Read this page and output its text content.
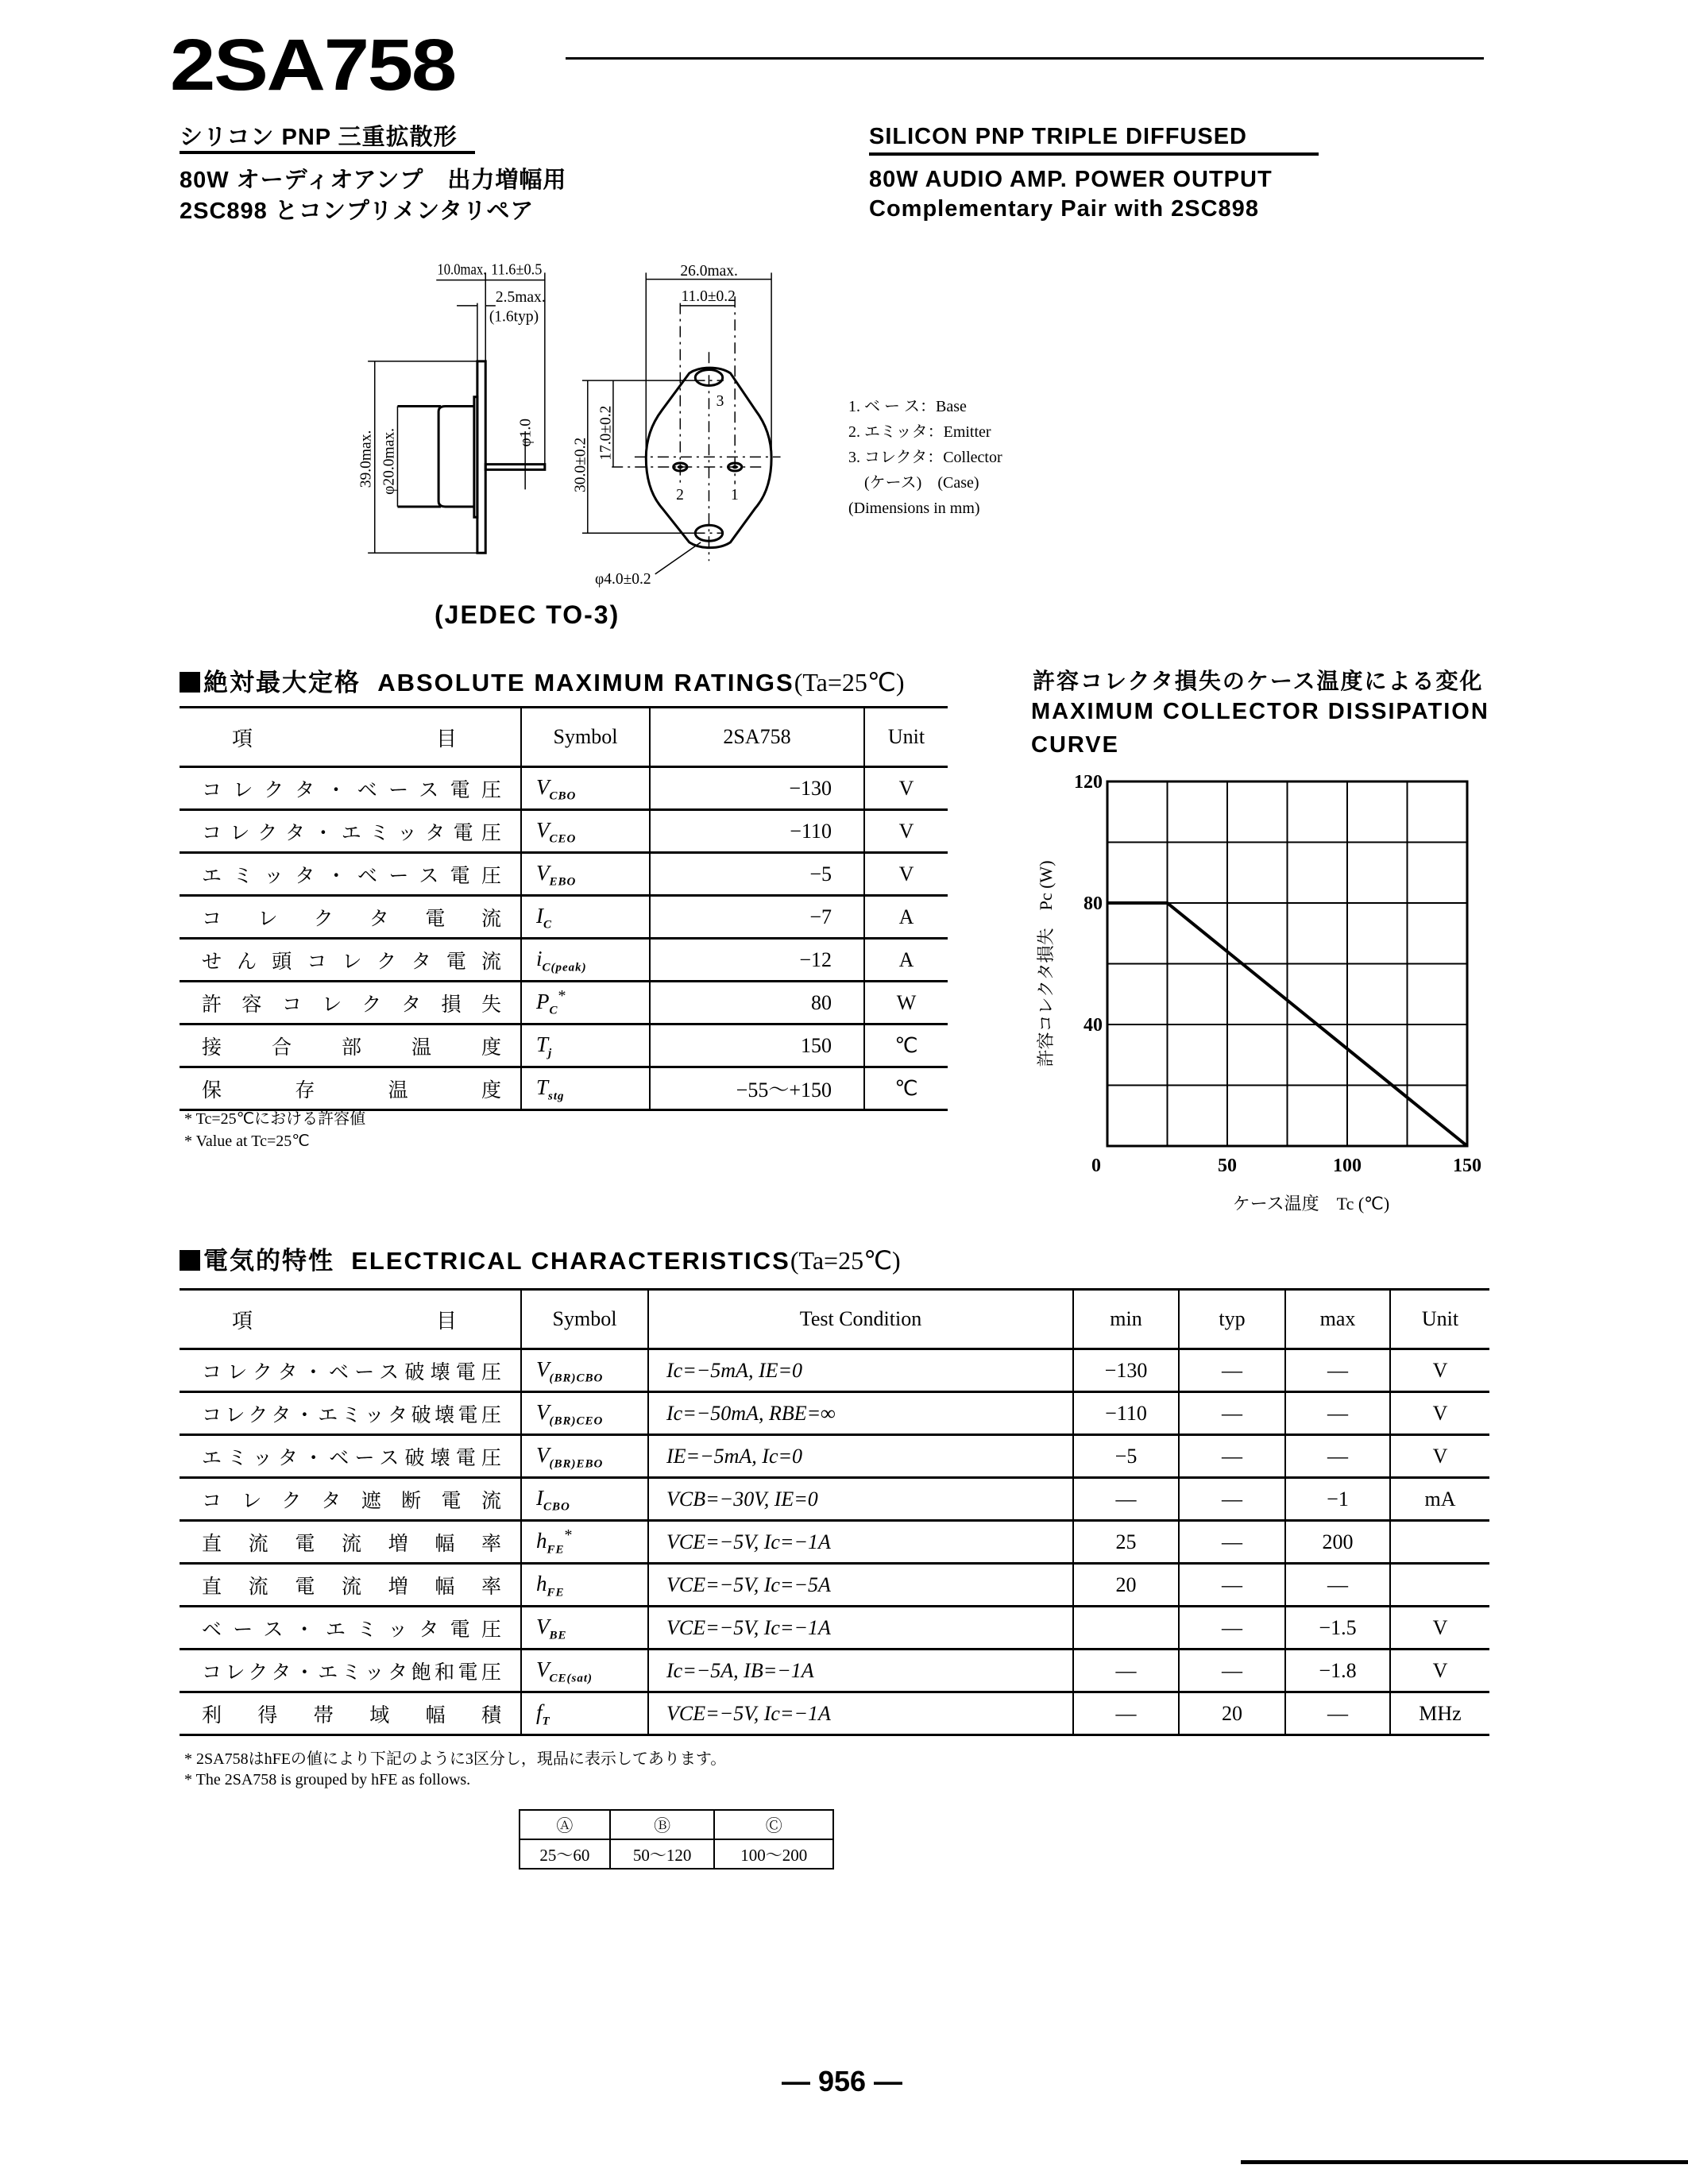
2SA758
シリコン PNP 三重拡散形
80W オーディオアンプ　出力増幅用
2SC898 とコンプリメンタリペア
SILICON PNP TRIPLE DIFFUSED
80W AUDIO AMP. POWER OUTPUT
Complementary Pair with 2SC898
10.0max. 11.6±0.5
2.5max.
(1.6typ)
39.0max. φ20.0max.	φ1.0
26.0max.
11.0±0.2
30.0±0.2
17.0±0.2
φ4.0±0.2
1
2
3	1. ベ ー ス：Base
2. エミッタ：Emitter
3. コレクタ：Collector
　(ケース)　(Case)
(Dimensions in mm)
(JEDEC TO-3)
絶対最大定格 ABSOLUTE MAXIMUM RATINGS(Ta=25℃)
項 目	Symbol	2SA758	Unit
コレクタ・ベース電圧	$V_{CBO}$	−130	V
コレクタ・エミッタ電圧	$V_{CEO}$	−110	V
エミッタ・ベース電圧	$V_{EBO}$	−5	V
コレクタ電流	$I_C$	−7	A
せん頭コレクタ電流	$i_{C(peak)}$	−12	A
許容コレクタ損失	$P_C^*$	80	W
接合部温度	$T_j$	150	℃
保存温度	$T_{stg}$	−55〜+150	℃
* Tc=25℃における許容値
* Value at Tc=25℃
許容コレクタ損失のケース温度による変化
MAXIMUM COLLECTOR DISSIPATION
CURVE
0	50	100	150
40
80
120
ケース温度　Tc (℃)
許容コレクタ損失　Pc (W)
電気的特性 ELECTRICAL CHARACTERISTICS(Ta=25℃)
項 目	Symbol	Test Condition	min	typ	max	Unit
コレクタ・ベース破壊電圧	$V_{(BR)CBO}$	Ic=−5mA, IE=0	−130	—	—	V
コレクタ・エミッタ破壊電圧	$V_{(BR)CEO}$	Ic=−50mA, RBE=∞	−110	—	—	V
エミッタ・ベース破壊電圧	$V_{(BR)EBO}$	IE=−5mA, Ic=0	−5	—	—	V
コレクタ遮断電流	$I_{CBO}$	VCB=−30V, IE=0	—	—	−1	mA
直流電流増幅率	$h_{FE}^*$	VCE=−5V, Ic=−1A	25	—	200	
直流電流増幅率	$h_{FE}$	VCE=−5V, Ic=−5A	20	—	—	
ベース・エミッタ電圧	$V_{BE}$	VCE=−5V, Ic=−1A		—	−1.5	V
コレクタ・エミッタ飽和電圧	$V_{CE(sat)}$	Ic=−5A, IB=−1A	—	—	−1.8	V
利得帯域幅積	$f_T$	VCE=−5V, Ic=−1A	—	20	—	MHz
* 2SA758はhFEの値により下記のように3区分し，現品に表示してあります。
* The 2SA758 is grouped by hFE as follows.
Ⓐ	Ⓑ	Ⓒ
25〜60	50〜120	100〜200
— 956 —
